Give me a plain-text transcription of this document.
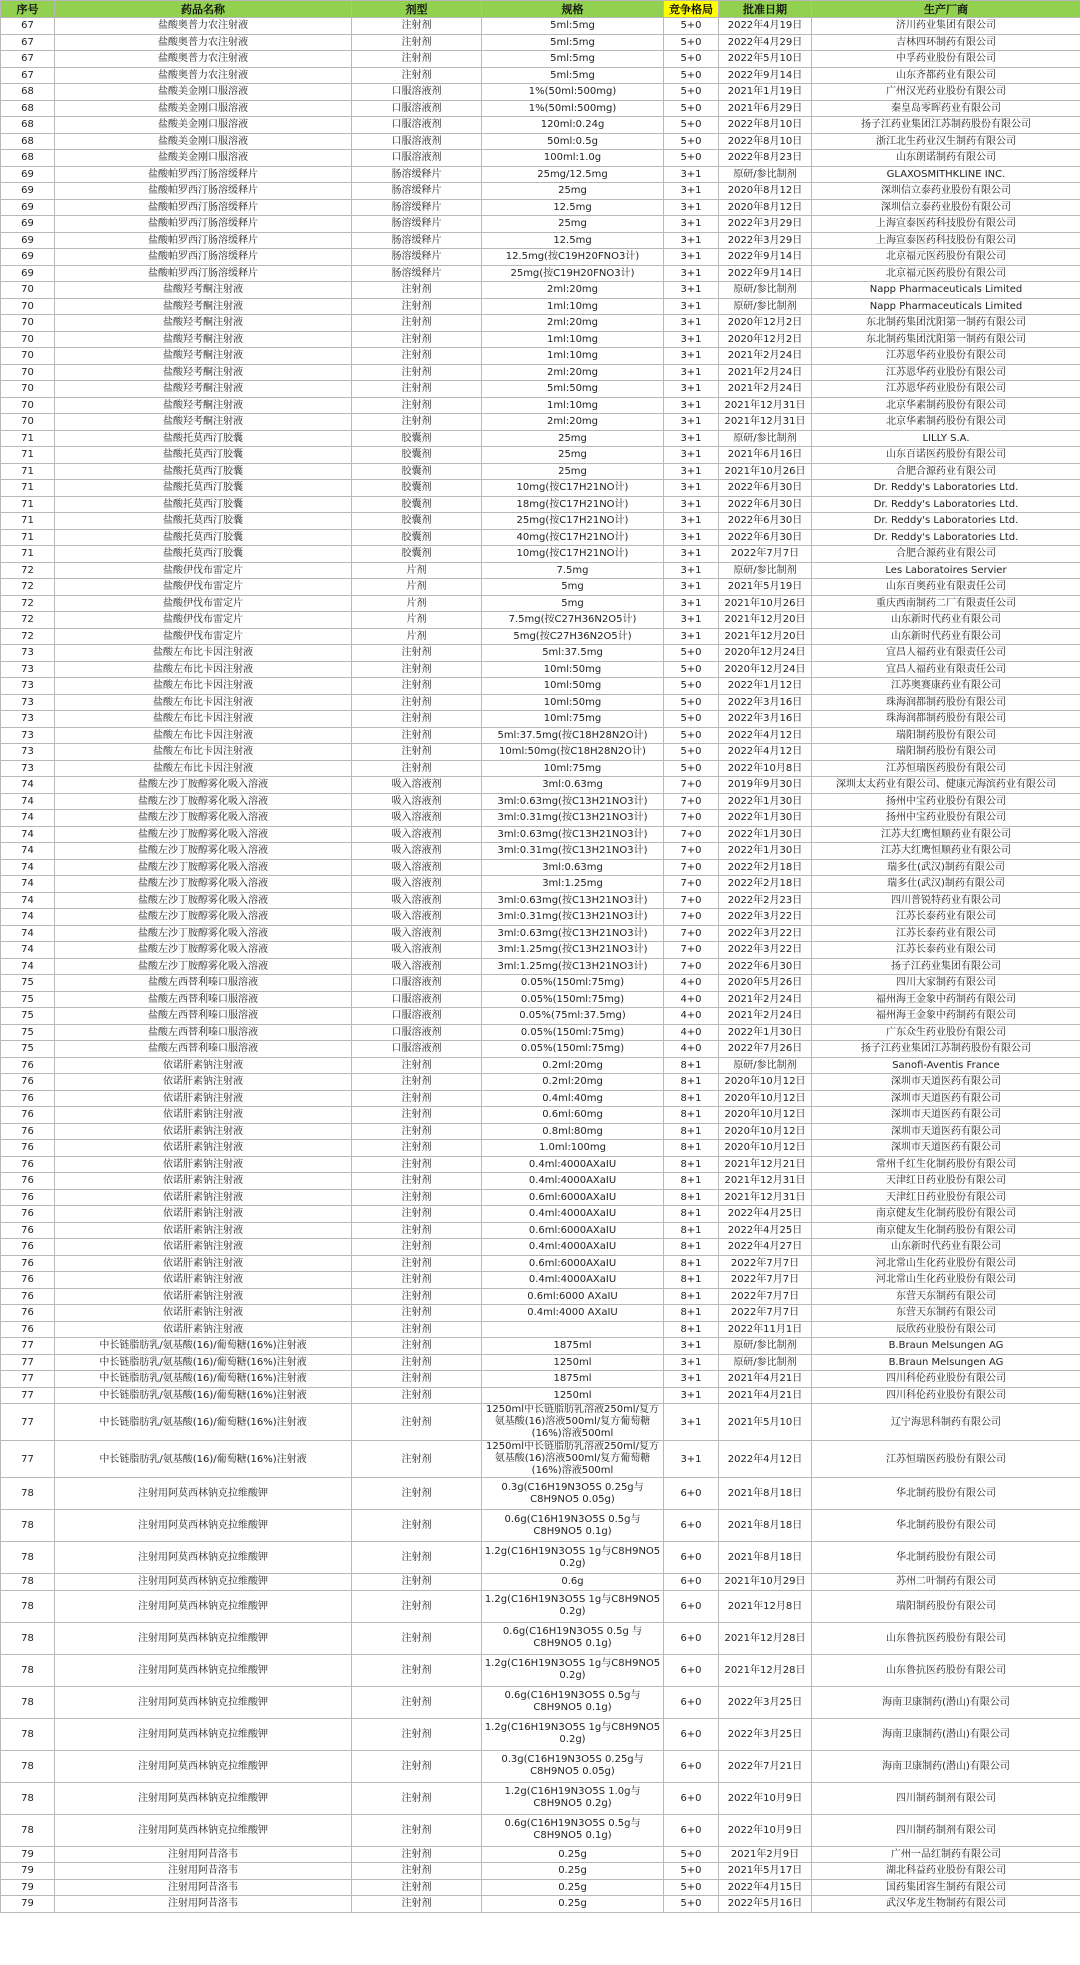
序号	药品名称	剂型	规格	竞争格局	批准日期	生产厂商
67	盐酸奥普力农注射液	注射剂	5ml:5mg	5+0	2022年4月19日	济川药业集团有限公司
67	盐酸奥普力农注射液	注射剂	5ml:5mg	5+0	2022年4月29日	吉林四环制药有限公司
67	盐酸奥普力农注射液	注射剂	5ml:5mg	5+0	2022年5月10日	中孚药业股份有限公司
67	盐酸奥普力农注射液	注射剂	5ml:5mg	5+0	2022年9月14日	山东齐都药业有限公司
68	盐酸美金刚口服溶液	口服溶液剂	1%(50ml:500mg)	5+0	2021年1月19日	广州汉光药业股份有限公司
68	盐酸美金刚口服溶液	口服溶液剂	1%(50ml:500mg)	5+0	2021年6月29日	秦皇岛零晖药业有限公司
68	盐酸美金刚口服溶液	口服溶液剂	120ml:0.24g	5+0	2022年8月10日	扬子江药业集团江苏制药股份有限公司
68	盐酸美金刚口服溶液	口服溶液剂	50ml:0.5g	5+0	2022年8月10日	浙江北生药业汉生制药有限公司
68	盐酸美金刚口服溶液	口服溶液剂	100ml:1.0g	5+0	2022年8月23日	山东朗诺制药有限公司
69	盐酸帕罗西汀肠溶缓释片	肠溶缓释片	25mg/12.5mg	3+1	原研/参比制剂	GLAXOSMITHKLINE INC.
69	盐酸帕罗西汀肠溶缓释片	肠溶缓释片	25mg	3+1	2020年8月12日	深圳信立泰药业股份有限公司
69	盐酸帕罗西汀肠溶缓释片	肠溶缓释片	12.5mg	3+1	2020年8月12日	深圳信立泰药业股份有限公司
69	盐酸帕罗西汀肠溶缓释片	肠溶缓释片	25mg	3+1	2022年3月29日	上海宣泰医药科技股份有限公司
69	盐酸帕罗西汀肠溶缓释片	肠溶缓释片	12.5mg	3+1	2022年3月29日	上海宣泰医药科技股份有限公司
69	盐酸帕罗西汀肠溶缓释片	肠溶缓释片	12.5mg(按C19H20FNO3计)	3+1	2022年9月14日	北京福元医药股份有限公司
69	盐酸帕罗西汀肠溶缓释片	肠溶缓释片	25mg(按C19H20FNO3计)	3+1	2022年9月14日	北京福元医药股份有限公司
70	盐酸羟考酮注射液	注射剂	2ml:20mg	3+1	原研/参比制剂	Napp Pharmaceuticals Limited
70	盐酸羟考酮注射液	注射剂	1ml:10mg	3+1	原研/参比制剂	Napp Pharmaceuticals Limited
70	盐酸羟考酮注射液	注射剂	2ml:20mg	3+1	2020年12月2日	东北制药集团沈阳第一制药有限公司
70	盐酸羟考酮注射液	注射剂	1ml:10mg	3+1	2020年12月2日	东北制药集团沈阳第一制药有限公司
70	盐酸羟考酮注射液	注射剂	1ml:10mg	3+1	2021年2月24日	江苏恩华药业股份有限公司
70	盐酸羟考酮注射液	注射剂	2ml:20mg	3+1	2021年2月24日	江苏恩华药业股份有限公司
70	盐酸羟考酮注射液	注射剂	5ml:50mg	3+1	2021年2月24日	江苏恩华药业股份有限公司
70	盐酸羟考酮注射液	注射剂	1ml:10mg	3+1	2021年12月31日	北京华素制药股份有限公司
70	盐酸羟考酮注射液	注射剂	2ml:20mg	3+1	2021年12月31日	北京华素制药股份有限公司
71	盐酸托莫西汀胶囊	胶囊剂	25mg	3+1	原研/参比制剂	LILLY S.A.
71	盐酸托莫西汀胶囊	胶囊剂	25mg	3+1	2021年6月16日	山东百诺医药股份有限公司
71	盐酸托莫西汀胶囊	胶囊剂	25mg	3+1	2021年10月26日	合肥合源药业有限公司
71	盐酸托莫西汀胶囊	胶囊剂	10mg(按C17H21NO计)	3+1	2022年6月30日	Dr. Reddy's Laboratories Ltd.
71	盐酸托莫西汀胶囊	胶囊剂	18mg(按C17H21NO计)	3+1	2022年6月30日	Dr. Reddy's Laboratories Ltd.
71	盐酸托莫西汀胶囊	胶囊剂	25mg(按C17H21NO计)	3+1	2022年6月30日	Dr. Reddy's Laboratories Ltd.
71	盐酸托莫西汀胶囊	胶囊剂	40mg(按C17H21NO计)	3+1	2022年6月30日	Dr. Reddy's Laboratories Ltd.
71	盐酸托莫西汀胶囊	胶囊剂	10mg(按C17H21NO计)	3+1	2022年7月7日	合肥合源药业有限公司
72	盐酸伊伐布雷定片	片剂	7.5mg	3+1	原研/参比制剂	Les Laboratoires Servier
72	盐酸伊伐布雷定片	片剂	5mg	3+1	2021年5月19日	山东百奥药业有限责任公司
72	盐酸伊伐布雷定片	片剂	5mg	3+1	2021年10月26日	重庆西南制药二厂有限责任公司
72	盐酸伊伐布雷定片	片剂	7.5mg(按C27H36N2O5计)	3+1	2021年12月20日	山东新时代药业有限公司
72	盐酸伊伐布雷定片	片剂	5mg(按C27H36N2O5计)	3+1	2021年12月20日	山东新时代药业有限公司
73	盐酸左布比卡因注射液	注射剂	5ml:37.5mg	5+0	2020年12月24日	宜昌人福药业有限责任公司
73	盐酸左布比卡因注射液	注射剂	10ml:50mg	5+0	2020年12月24日	宜昌人福药业有限责任公司
73	盐酸左布比卡因注射液	注射剂	10ml:50mg	5+0	2022年1月12日	江苏奥赛康药业有限公司
73	盐酸左布比卡因注射液	注射剂	10ml:50mg	5+0	2022年3月16日	珠海润都制药股份有限公司
73	盐酸左布比卡因注射液	注射剂	10ml:75mg	5+0	2022年3月16日	珠海润都制药股份有限公司
73	盐酸左布比卡因注射液	注射剂	5ml:37.5mg(按C18H28N2O计)	5+0	2022年4月12日	瑞阳制药股份有限公司
73	盐酸左布比卡因注射液	注射剂	10ml:50mg(按C18H28N2O计)	5+0	2022年4月12日	瑞阳制药股份有限公司
73	盐酸左布比卡因注射液	注射剂	10ml:75mg	5+0	2022年10月8日	江苏恒瑞医药股份有限公司
74	盐酸左沙丁胺醇雾化吸入溶液	吸入溶液剂	3ml:0.63mg	7+0	2019年9月30日	深圳太太药业有限公司、健康元海滨药业有限公司
74	盐酸左沙丁胺醇雾化吸入溶液	吸入溶液剂	3ml:0.63mg(按C13H21NO3计)	7+0	2022年1月30日	扬州中宝药业股份有限公司
74	盐酸左沙丁胺醇雾化吸入溶液	吸入溶液剂	3ml:0.31mg(按C13H21NO3计)	7+0	2022年1月30日	扬州中宝药业股份有限公司
74	盐酸左沙丁胺醇雾化吸入溶液	吸入溶液剂	3ml:0.63mg(按C13H21NO3计)	7+0	2022年1月30日	江苏大红鹰恒顺药业有限公司
74	盐酸左沙丁胺醇雾化吸入溶液	吸入溶液剂	3ml:0.31mg(按C13H21NO3计)	7+0	2022年1月30日	江苏大红鹰恒顺药业有限公司
74	盐酸左沙丁胺醇雾化吸入溶液	吸入溶液剂	3ml:0.63mg	7+0	2022年2月18日	瑞多仕(武汉)制药有限公司
74	盐酸左沙丁胺醇雾化吸入溶液	吸入溶液剂	3ml:1.25mg	7+0	2022年2月18日	瑞多仕(武汉)制药有限公司
74	盐酸左沙丁胺醇雾化吸入溶液	吸入溶液剂	3ml:0.63mg(按C13H21NO3计)	7+0	2022年2月23日	四川普锐特药业有限公司
74	盐酸左沙丁胺醇雾化吸入溶液	吸入溶液剂	3ml:0.31mg(按C13H21NO3计)	7+0	2022年3月22日	江苏长泰药业有限公司
74	盐酸左沙丁胺醇雾化吸入溶液	吸入溶液剂	3ml:0.63mg(按C13H21NO3计)	7+0	2022年3月22日	江苏长泰药业有限公司
74	盐酸左沙丁胺醇雾化吸入溶液	吸入溶液剂	3ml:1.25mg(按C13H21NO3计)	7+0	2022年3月22日	江苏长泰药业有限公司
74	盐酸左沙丁胺醇雾化吸入溶液	吸入溶液剂	3ml:1.25mg(按C13H21NO3计)	7+0	2022年6月30日	扬子江药业集团有限公司
75	盐酸左西替利嗪口服溶液	口服溶液剂	0.05%(150ml:75mg)	4+0	2020年5月26日	四川大家制药有限公司
75	盐酸左西替利嗪口服溶液	口服溶液剂	0.05%(150ml:75mg)	4+0	2021年2月24日	福州海王金象中药制药有限公司
75	盐酸左西替利嗪口服溶液	口服溶液剂	0.05%(75ml:37.5mg)	4+0	2021年2月24日	福州海王金象中药制药有限公司
75	盐酸左西替利嗪口服溶液	口服溶液剂	0.05%(150ml:75mg)	4+0	2022年1月30日	广东众生药业股份有限公司
75	盐酸左西替利嗪口服溶液	口服溶液剂	0.05%(150ml:75mg)	4+0	2022年7月26日	扬子江药业集团江苏制药股份有限公司
76	依诺肝素钠注射液	注射剂	0.2ml:20mg	8+1	原研/参比制剂	Sanofi-Aventis France
76	依诺肝素钠注射液	注射剂	0.2ml:20mg	8+1	2020年10月12日	深圳市天道医药有限公司
76	依诺肝素钠注射液	注射剂	0.4ml:40mg	8+1	2020年10月12日	深圳市天道医药有限公司
76	依诺肝素钠注射液	注射剂	0.6ml:60mg	8+1	2020年10月12日	深圳市天道医药有限公司
76	依诺肝素钠注射液	注射剂	0.8ml:80mg	8+1	2020年10月12日	深圳市天道医药有限公司
76	依诺肝素钠注射液	注射剂	1.0ml:100mg	8+1	2020年10月12日	深圳市天道医药有限公司
76	依诺肝素钠注射液	注射剂	0.4ml:4000AXaIU	8+1	2021年12月21日	常州千红生化制药股份有限公司
76	依诺肝素钠注射液	注射剂	0.4ml:4000AXaIU	8+1	2021年12月31日	天津红日药业股份有限公司
76	依诺肝素钠注射液	注射剂	0.6ml:6000AXaIU	8+1	2021年12月31日	天津红日药业股份有限公司
76	依诺肝素钠注射液	注射剂	0.4ml:4000AXaIU	8+1	2022年4月25日	南京健友生化制药股份有限公司
76	依诺肝素钠注射液	注射剂	0.6ml:6000AXaIU	8+1	2022年4月25日	南京健友生化制药股份有限公司
76	依诺肝素钠注射液	注射剂	0.4ml:4000AXaIU	8+1	2022年4月27日	山东新时代药业有限公司
76	依诺肝素钠注射液	注射剂	0.6ml:6000AXaIU	8+1	2022年7月7日	河北常山生化药业股份有限公司
76	依诺肝素钠注射液	注射剂	0.4ml:4000AXaIU	8+1	2022年7月7日	河北常山生化药业股份有限公司
76	依诺肝素钠注射液	注射剂	0.6ml:6000 AXaIU	8+1	2022年7月7日	东营天东制药有限公司
76	依诺肝素钠注射液	注射剂	0.4ml:4000 AXaIU	8+1	2022年7月7日	东营天东制药有限公司
76	依诺肝素钠注射液	注射剂		8+1	2022年11月1日	辰欣药业股份有限公司
77	中长链脂肪乳/氨基酸(16)/葡萄糖(16%)注射液	注射剂	1875ml	3+1	原研/参比制剂	B.Braun Melsungen AG
77	中长链脂肪乳/氨基酸(16)/葡萄糖(16%)注射液	注射剂	1250ml	3+1	原研/参比制剂	B.Braun Melsungen AG
77	中长链脂肪乳/氨基酸(16)/葡萄糖(16%)注射液	注射剂	1875ml	3+1	2021年4月21日	四川科伦药业股份有限公司
77	中长链脂肪乳/氨基酸(16)/葡萄糖(16%)注射液	注射剂	1250ml	3+1	2021年4月21日	四川科伦药业股份有限公司
77	中长链脂肪乳/氨基酸(16)/葡萄糖(16%)注射液	注射剂	1250ml中长链脂肪乳溶液250ml/复方氨基酸(16)溶液500ml/复方葡萄糖(16%)溶液500ml	3+1	2021年5月10日	辽宁海思科制药有限公司
77	中长链脂肪乳/氨基酸(16)/葡萄糖(16%)注射液	注射剂	1250ml中长链脂肪乳溶液250ml/复方氨基酸(16)溶液500ml/复方葡萄糖(16%)溶液500ml	3+1	2022年4月12日	江苏恒瑞医药股份有限公司
78	注射用阿莫西林钠克拉维酸钾	注射剂	0.3g(C16H19N3O5S 0.25g与C8H9NO5 0.05g)	6+0	2021年8月18日	华北制药股份有限公司
78	注射用阿莫西林钠克拉维酸钾	注射剂	0.6g(C16H19N3O5S 0.5g与C8H9NO5 0.1g)	6+0	2021年8月18日	华北制药股份有限公司
78	注射用阿莫西林钠克拉维酸钾	注射剂	1.2g(C16H19N3O5S 1g与C8H9NO5 0.2g)	6+0	2021年8月18日	华北制药股份有限公司
78	注射用阿莫西林钠克拉维酸钾	注射剂	0.6g	6+0	2021年10月29日	苏州二叶制药有限公司
78	注射用阿莫西林钠克拉维酸钾	注射剂	1.2g(C16H19N3O5S 1g与C8H9NO5 0.2g)	6+0	2021年12月8日	瑞阳制药股份有限公司
78	注射用阿莫西林钠克拉维酸钾	注射剂	0.6g(C16H19N3O5S 0.5g 与C8H9NO5 0.1g)	6+0	2021年12月28日	山东鲁抗医药股份有限公司
78	注射用阿莫西林钠克拉维酸钾	注射剂	1.2g(C16H19N3O5S 1g与C8H9NO5 0.2g)	6+0	2021年12月28日	山东鲁抗医药股份有限公司
78	注射用阿莫西林钠克拉维酸钾	注射剂	0.6g(C16H19N3O5S 0.5g与C8H9NO5 0.1g)	6+0	2022年3月25日	海南卫康制药(潜山)有限公司
78	注射用阿莫西林钠克拉维酸钾	注射剂	1.2g(C16H19N3O5S 1g与C8H9NO5 0.2g)	6+0	2022年3月25日	海南卫康制药(潜山)有限公司
78	注射用阿莫西林钠克拉维酸钾	注射剂	0.3g(C16H19N3O5S 0.25g与C8H9NO5 0.05g)	6+0	2022年7月21日	海南卫康制药(潜山)有限公司
78	注射用阿莫西林钠克拉维酸钾	注射剂	1.2g(C16H19N3O5S 1.0g与C8H9NO5 0.2g)	6+0	2022年10月9日	四川制药制剂有限公司
78	注射用阿莫西林钠克拉维酸钾	注射剂	0.6g(C16H19N3O5S 0.5g与C8H9NO5 0.1g)	6+0	2022年10月9日	四川制药制剂有限公司
79	注射用阿昔洛韦	注射剂	0.25g	5+0	2021年2月9日	广州一品红制药有限公司
79	注射用阿昔洛韦	注射剂	0.25g	5+0	2021年5月17日	湖北科益药业股份有限公司
79	注射用阿昔洛韦	注射剂	0.25g	5+0	2022年4月15日	国药集团容生制药有限公司
79	注射用阿昔洛韦	注射剂	0.25g	5+0	2022年5月16日	武汉华龙生物制药有限公司
